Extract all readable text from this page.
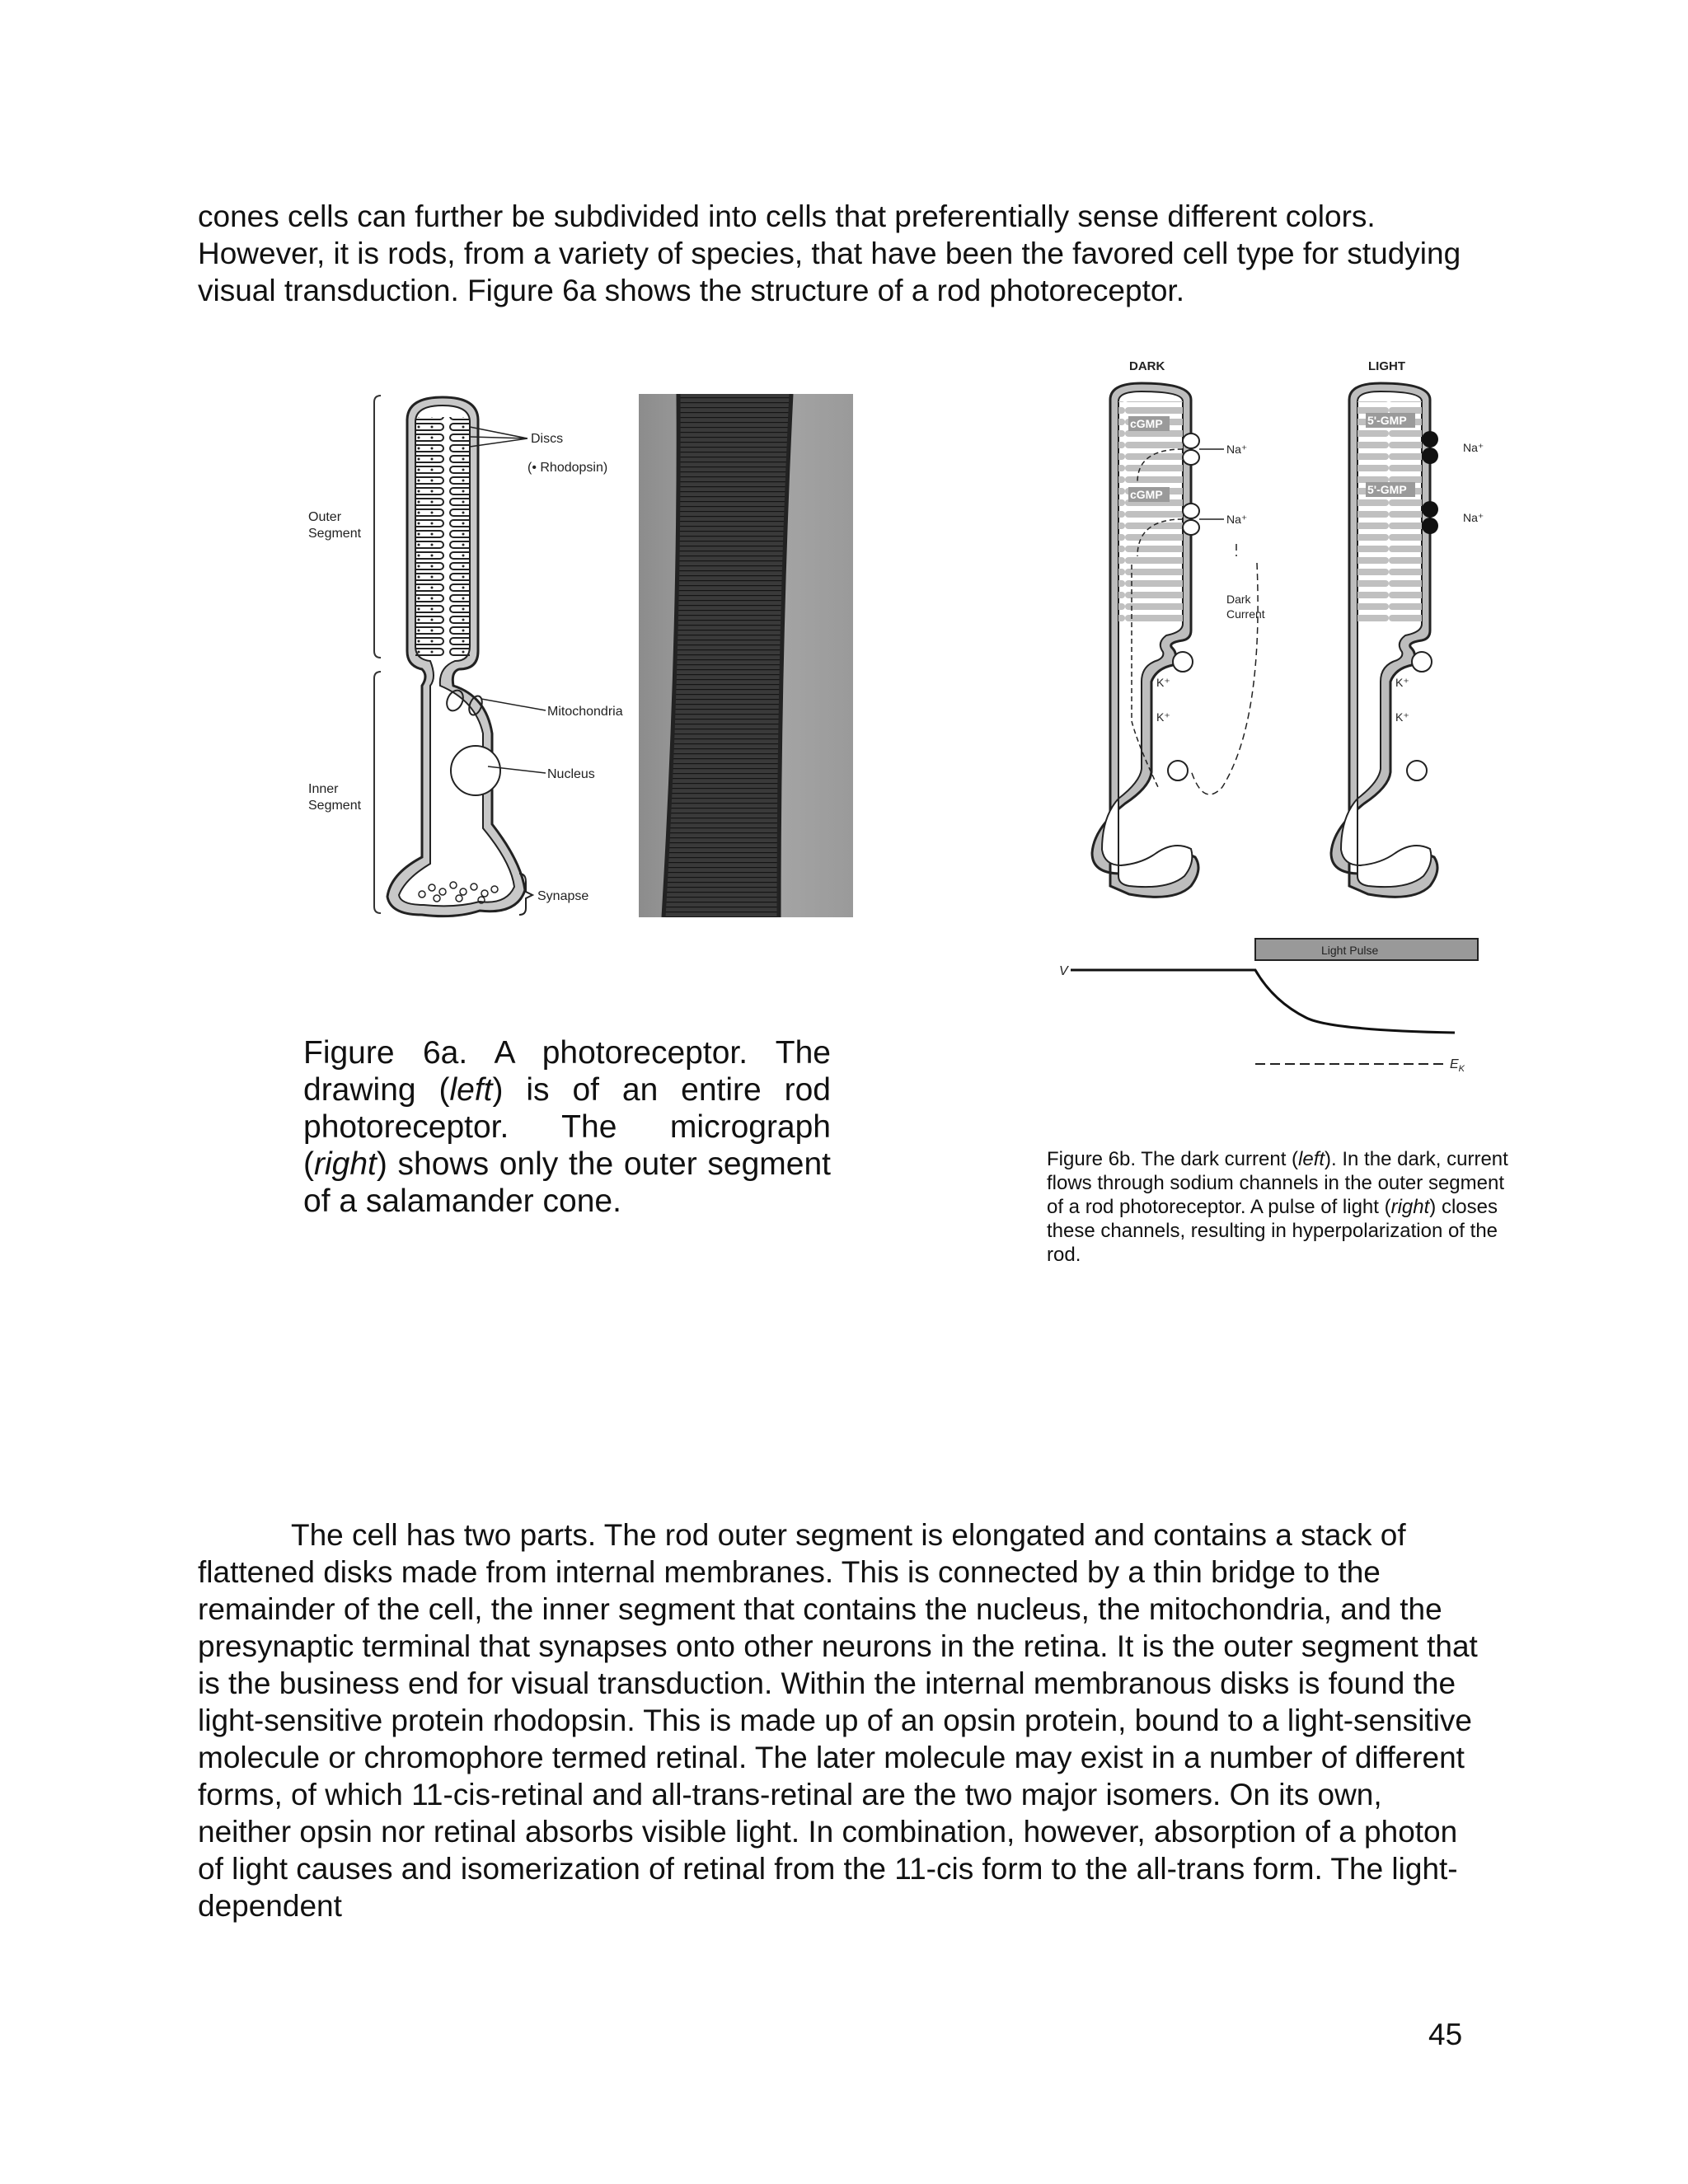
cones cells can further be subdivided into cells that preferentially sense different colors. However, it is rods, from a variety of species, that have been the favored cell type for studying visual transduction. Figure 6a shows the structure of a rod photoreceptor.

Outer
Segment
Inner
Segment
Discs
(• Rhodopsin)
Mitochondria
Nucleus
Synapse
DARK	LIGHT
cGMP
cGMP
Na⁺
Na⁺
Dark
Current
K⁺
K⁺
5'-GMP
5'-GMP
Na⁺
Na⁺
K⁺
K⁺
Light Pulse
V
$E_K$

Figure 6a. A photoreceptor. The drawing (left) is of an entire rod photoreceptor. The micrograph (right) shows only the outer segment of a salamander cone.

Figure 6b. The dark current (left). In the dark, current flows through sodium channels in the outer segment of a rod photoreceptor. A pulse of light (right) closes these channels, resulting in hyperpolarization of the rod.

The cell has two parts. The rod outer segment is elongated and contains a stack of flattened disks made from internal membranes. This is connected by a thin bridge to the remainder of the cell, the inner segment that contains the nucleus, the mitochondria, and the presynaptic terminal that synapses onto other neurons in the retina. It is the outer segment that is the business end for visual transduction. Within the internal membranous disks is found the light-sensitive protein rhodopsin. This is made up of an opsin protein, bound to a light-sensitive molecule or chromophore termed retinal. The later molecule may exist in a number of different forms, of which 11-cis-retinal and all-trans-retinal are the two major isomers. On its own, neither opsin nor retinal absorbs visible light. In combination, however, absorption of a photon of light causes and isomerization of retinal from the 11-cis form to the all-trans form. The light-dependent

45
